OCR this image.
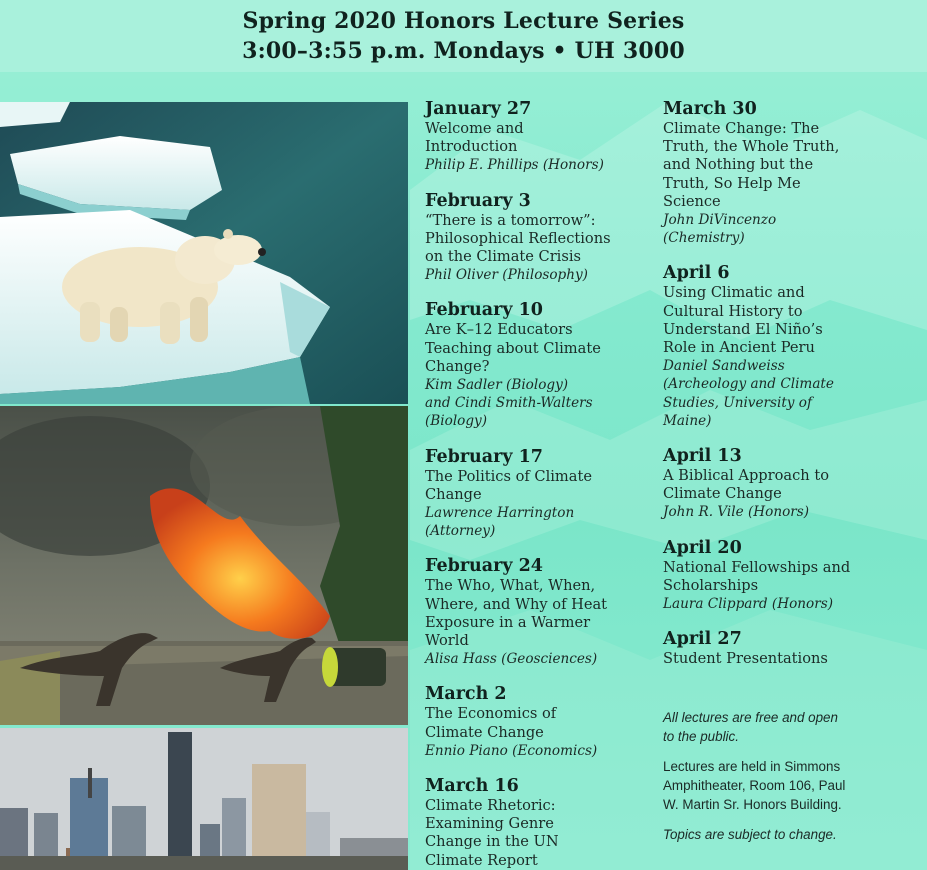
Spring 2020 Honors Lecture Series
3:00–3:55 p.m. Mondays • UH 3000
January 27
Welcome and
Introduction
Philip E. Phillips (Honors)
February 3
“There is a tomorrow”:
Philosophical Reflections
on the Climate Crisis
Phil Oliver (Philosophy)
February 10
Are K–12 Educators
Teaching about Climate
Change?
Kim Sadler (Biology)
and Cindi Smith-Walters
(Biology)
February 17
The Politics of Climate
Change
Lawrence Harrington
(Attorney)
February 24
The Who, What, When,
Where, and Why of Heat
Exposure in a Warmer
World
Alisa Hass (Geosciences)
March 2
The Economics of
Climate Change
Ennio Piano (Economics)
March 16
Climate Rhetoric:
Examining Genre
Change in the UN
Climate Report
March 30
Climate Change: The
Truth, the Whole Truth,
and Nothing but the
Truth, So Help Me
Science
John DiVincenzo
(Chemistry)
April 6
Using Climatic and
Cultural History to
Understand El Niño’s
Role in Ancient Peru
Daniel Sandweiss
(Archeology and Climate
Studies, University of
Maine)
April 13
A Biblical Approach to
Climate Change
John R. Vile (Honors)
April 20
National Fellowships and
Scholarships
Laura Clippard (Honors)
April 27
Student Presentations

All lectures are free and open
to the public.

Lectures are held in Simmons
Amphitheater, Room 106, Paul
W. Martin Sr. Honors Building.

Topics are subject to change.
